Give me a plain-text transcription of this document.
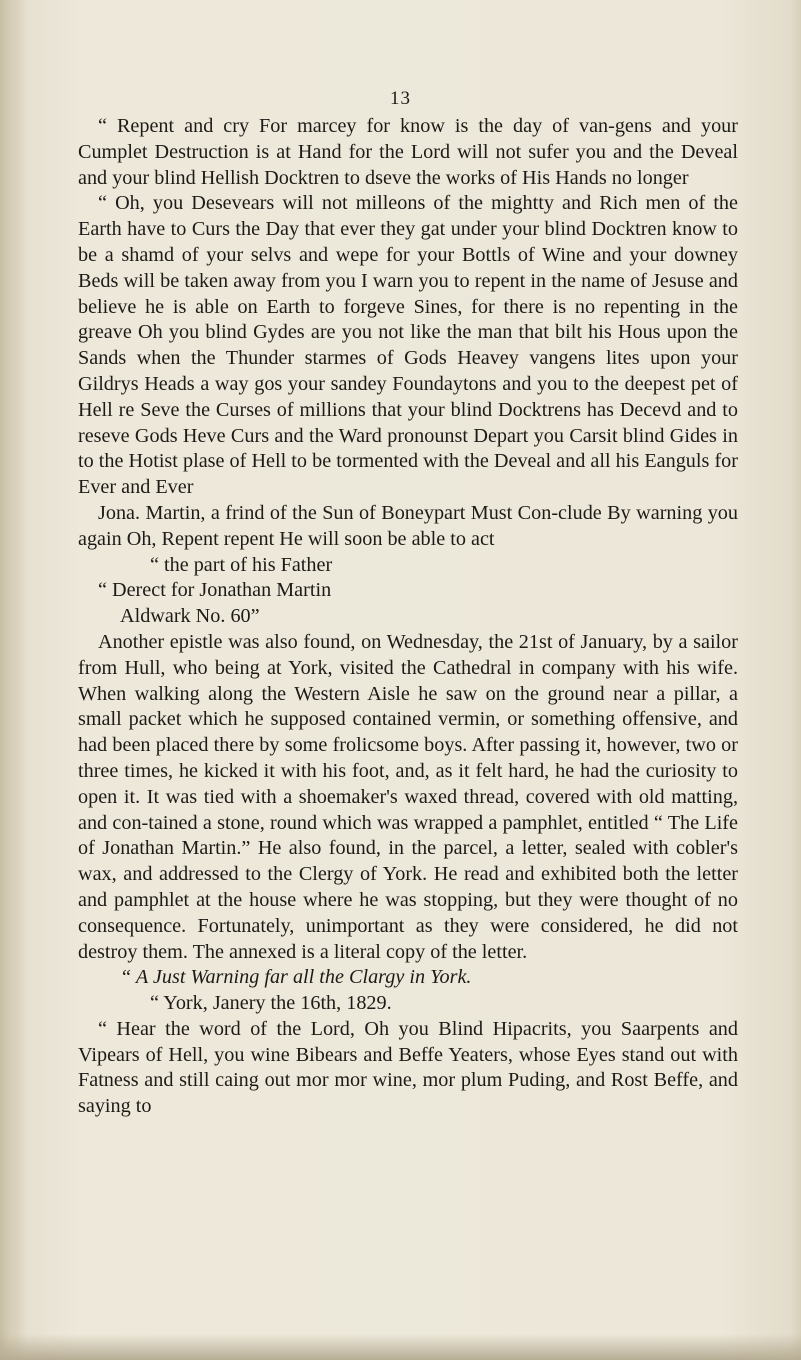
13

“ Repent and cry For marcey for know is the day of van-gens and your Cumplet Destruction is at Hand for the Lord will not sufer you and the Deveal and your blind Hellish Docktren to dseve the works of His Hands no longer

“ Oh, you Desevears will not milleons of the mightty and Rich men of the Earth have to Curs the Day that ever they gat under your blind Docktren know to be a shamd of your selvs and wepe for your Bottls of Wine and your downey Beds will be taken away from you I warn you to repent in the name of Jesuse and believe he is able on Earth to forgeve Sines, for there is no repenting in the greave Oh you blind Gydes are you not like the man that bilt his Hous upon the Sands when the Thunder starmes of Gods Heavey vangens lites upon your Gildrys Heads a way gos your sandey Foundaytons and you to the deepest pet of Hell re Seve the Curses of millions that your blind Docktrens has Decevd and to reseve Gods Heve Curs and the Ward pronounst Depart you Carsit blind Gides in to the Hotist plase of Hell to be tormented with the Deveal and all his Eanguls for Ever and Ever

Jona. Martin, a frind of the Sun of Boneypart Must Con-clude By warning you again Oh, Repent repent He will soon be able to act

“ the part of his Father

“ Derect for Jonathan Martin

Aldwark No. 60”

Another epistle was also found, on Wednesday, the 21st of January, by a sailor from Hull, who being at York, visited the Cathedral in company with his wife. When walking along the Western Aisle he saw on the ground near a pillar, a small packet which he supposed contained vermin, or something offensive, and had been placed there by some frolicsome boys. After passing it, however, two or three times, he kicked it with his foot, and, as it felt hard, he had the curiosity to open it. It was tied with a shoemaker's waxed thread, covered with old matting, and con-tained a stone, round which was wrapped a pamphlet, entitled “ The Life of Jonathan Martin.” He also found, in the parcel, a letter, sealed with cobler's wax, and addressed to the Clergy of York. He read and exhibited both the letter and pamphlet at the house where he was stopping, but they were thought of no consequence. Fortunately, unimportant as they were considered, he did not destroy them. The annexed is a literal copy of the letter.

“ A Just Warning far all the Clargy in York.

“ York, Janery the 16th, 1829.

“ Hear the word of the Lord, Oh you Blind Hipacrits, you Saarpents and Vipears of Hell, you wine Bibears and Beffe Yeaters, whose Eyes stand out with Fatness and still caing out mor mor wine, mor plum Puding, and Rost Beffe, and saying to
